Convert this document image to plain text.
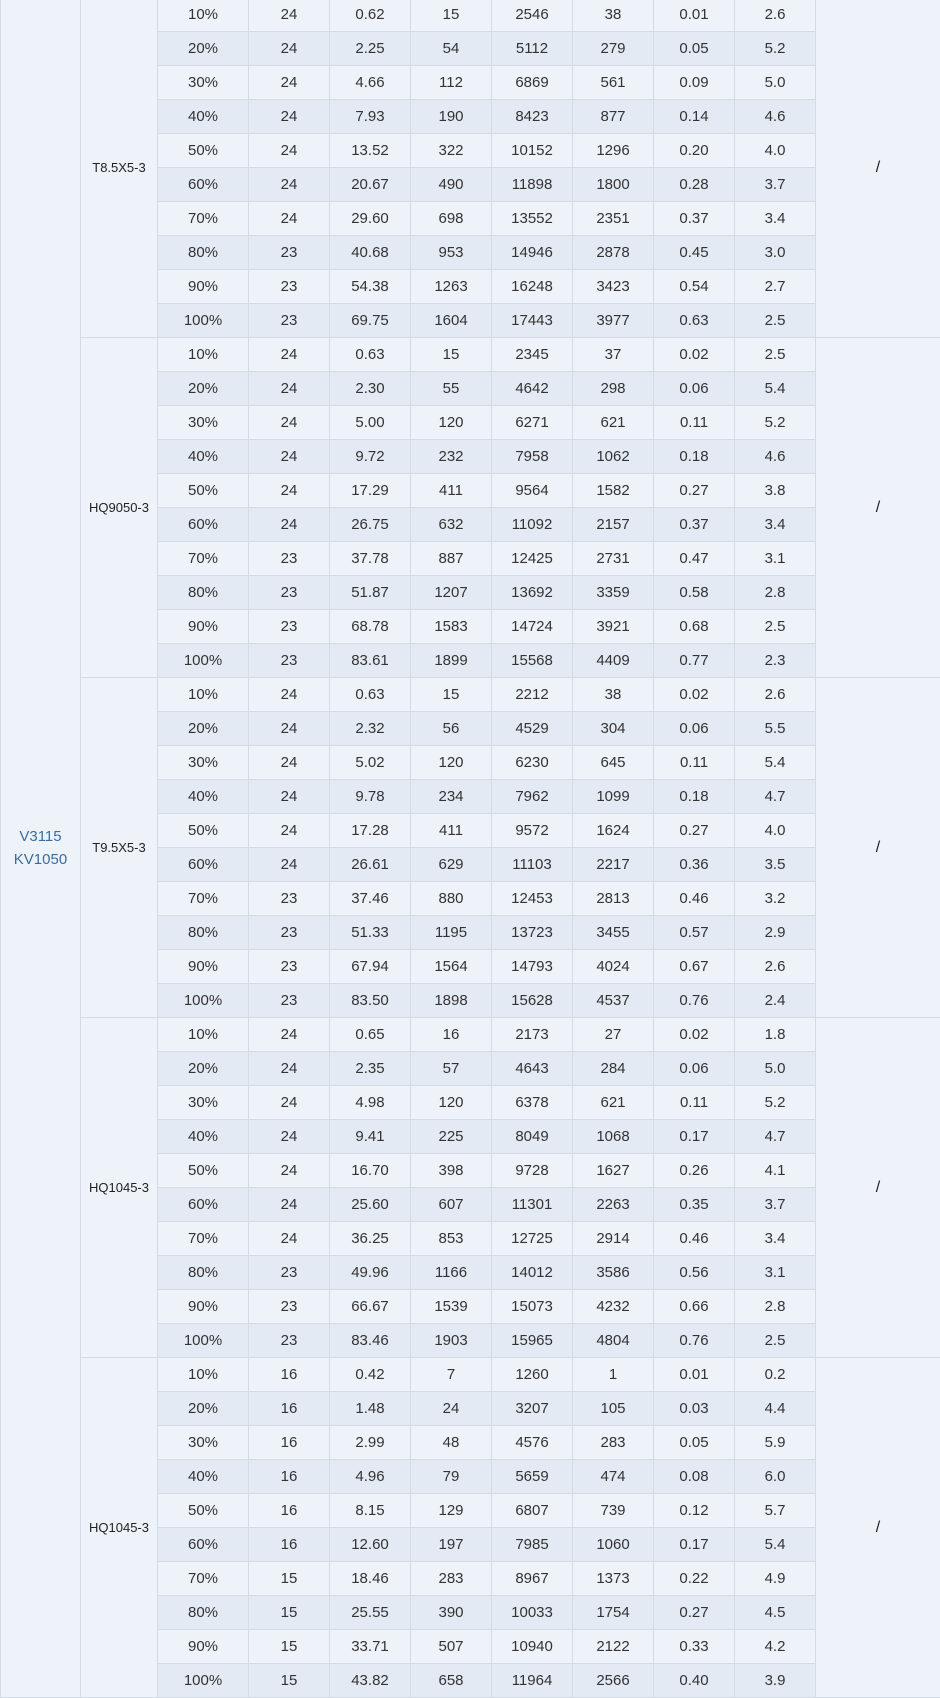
V3115
KV1050	T8.5X5-3	10%	24	0.62	15	2546	38	0.01	2.6	/
		20%	24	2.25	54	5112	279	0.05	5.2	
		30%	24	4.66	112	6869	561	0.09	5.0	
		40%	24	7.93	190	8423	877	0.14	4.6	
		50%	24	13.52	322	10152	1296	0.20	4.0	
		60%	24	20.67	490	11898	1800	0.28	3.7	
		70%	24	29.60	698	13552	2351	0.37	3.4	
		80%	23	40.68	953	14946	2878	0.45	3.0	
		90%	23	54.38	1263	16248	3423	0.54	2.7	
		100%	23	69.75	1604	17443	3977	0.63	2.5	
	HQ9050-3	10%	24	0.63	15	2345	37	0.02	2.5	/
		20%	24	2.30	55	4642	298	0.06	5.4	
		30%	24	5.00	120	6271	621	0.11	5.2	
		40%	24	9.72	232	7958	1062	0.18	4.6	
		50%	24	17.29	411	9564	1582	0.27	3.8	
		60%	24	26.75	632	11092	2157	0.37	3.4	
		70%	23	37.78	887	12425	2731	0.47	3.1	
		80%	23	51.87	1207	13692	3359	0.58	2.8	
		90%	23	68.78	1583	14724	3921	0.68	2.5	
		100%	23	83.61	1899	15568	4409	0.77	2.3	
	T9.5X5-3	10%	24	0.63	15	2212	38	0.02	2.6	/
		20%	24	2.32	56	4529	304	0.06	5.5	
		30%	24	5.02	120	6230	645	0.11	5.4	
		40%	24	9.78	234	7962	1099	0.18	4.7	
		50%	24	17.28	411	9572	1624	0.27	4.0	
		60%	24	26.61	629	11103	2217	0.36	3.5	
		70%	23	37.46	880	12453	2813	0.46	3.2	
		80%	23	51.33	1195	13723	3455	0.57	2.9	
		90%	23	67.94	1564	14793	4024	0.67	2.6	
		100%	23	83.50	1898	15628	4537	0.76	2.4	
	HQ1045-3	10%	24	0.65	16	2173	27	0.02	1.8	/
		20%	24	2.35	57	4643	284	0.06	5.0	
		30%	24	4.98	120	6378	621	0.11	5.2	
		40%	24	9.41	225	8049	1068	0.17	4.7	
		50%	24	16.70	398	9728	1627	0.26	4.1	
		60%	24	25.60	607	11301	2263	0.35	3.7	
		70%	24	36.25	853	12725	2914	0.46	3.4	
		80%	23	49.96	1166	14012	3586	0.56	3.1	
		90%	23	66.67	1539	15073	4232	0.66	2.8	
		100%	23	83.46	1903	15965	4804	0.76	2.5	
	HQ1045-3	10%	16	0.42	7	1260	1	0.01	0.2	/
		20%	16	1.48	24	3207	105	0.03	4.4	
		30%	16	2.99	48	4576	283	0.05	5.9	
		40%	16	4.96	79	5659	474	0.08	6.0	
		50%	16	8.15	129	6807	739	0.12	5.7	
		60%	16	12.60	197	7985	1060	0.17	5.4	
		70%	15	18.46	283	8967	1373	0.22	4.9	
		80%	15	25.55	390	10033	1754	0.27	4.5	
		90%	15	33.71	507	10940	2122	0.33	4.2	
		100%	15	43.82	658	11964	2566	0.40	3.9	
